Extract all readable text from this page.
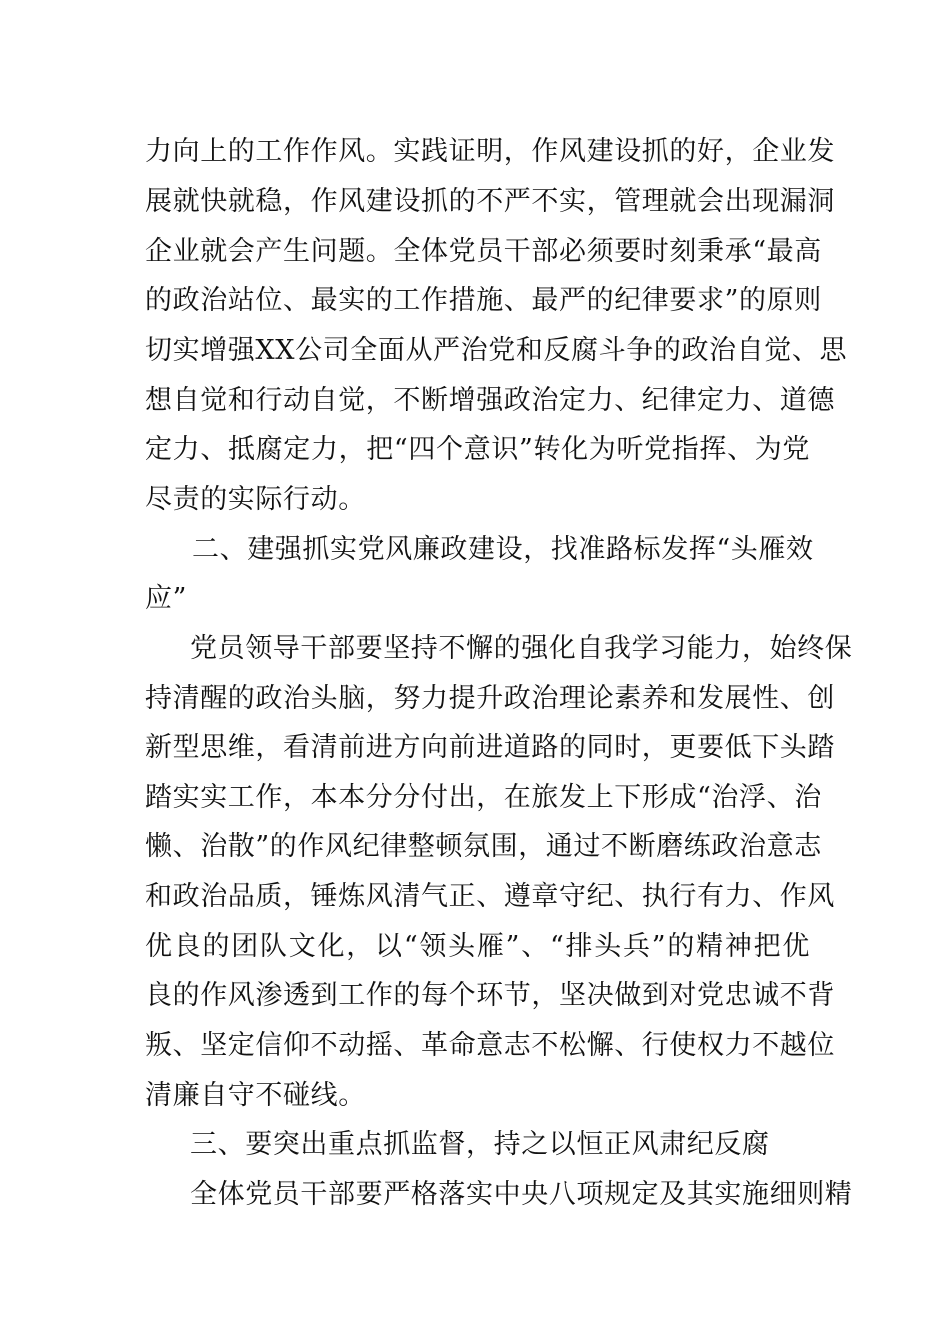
力向上的工作作风。实践证明，作风建设抓的好，企业发
展就快就稳，作风建设抓的不严不实，管理就会出现漏洞
企业就会产生问题。全体党员干部必须要时刻秉承“最高
的政治站位、最实的工作措施、最严的纪律要求”的原则
切实增强XX公司全面从严治党和反腐斗争的政治自觉、思
想自觉和行动自觉，不断增强政治定力、纪律定力、道德
定力、抵腐定力，把“四个意识”转化为听党指挥、为党
尽责的实际行动。
二、建强抓实党风廉政建设，找准路标发挥“头雁效
应”
党员领导干部要坚持不懈的强化自我学习能力，始终保
持清醒的政治头脑，努力提升政治理论素养和发展性、创
新型思维，看清前进方向前进道路的同时，更要低下头踏
踏实实工作，本本分分付出，在旅发上下形成“治浮、治
懒、治散”的作风纪律整顿氛围，通过不断磨练政治意志
和政治品质，锤炼风清气正、遵章守纪、执行有力、作风
优良的团队文化，以“领头雁”、“排头兵”的精神把优
良的作风渗透到工作的每个环节，坚决做到对党忠诚不背
叛、坚定信仰不动摇、革命意志不松懈、行使权力不越位
清廉自守不碰线。
三、要突出重点抓监督，持之以恒正风肃纪反腐
全体党员干部要严格落实中央八项规定及其实施细则精
